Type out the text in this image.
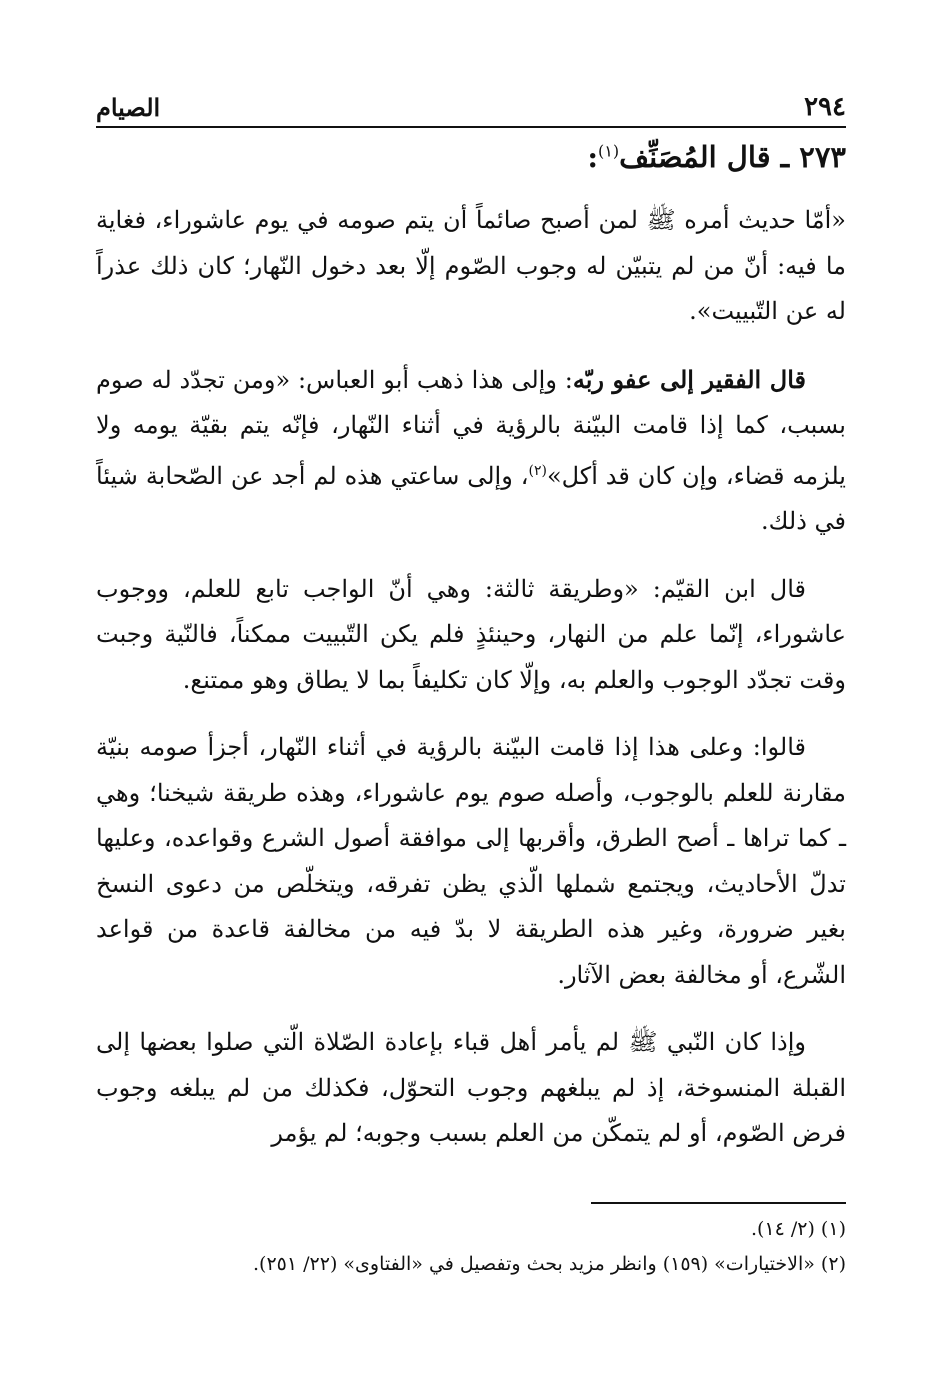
٢٩٤
الصيام
٢٧٣ ـ قال المُصَنِّف$^{(١)}$:

«أمّا حديث أمره ﷺ لمن أصبح صائماً أن يتم صومه في يوم عاشوراء، فغاية ما فيه: أنّ من لم يتبيّن له وجوب الصّوم إلّا بعد دخول النّهار؛ كان ذلك عذراً له عن التّبييت».

قال الفقير إلى عفو ربّه: وإلى هذا ذهب أبو العباس: «ومن تجدّد له صوم بسبب، كما إذا قامت البيّنة بالرؤية في أثناء النّهار، فإنّه يتم بقيّة يومه ولا يلزمه قضاء، وإن كان قد أكل»$^{(٢)}$، وإلى ساعتي هذه لم أجد عن الصّحابة شيئاً في ذلك.

قال ابن القيّم: «وطريقة ثالثة: وهي أنّ الواجب تابع للعلم، ووجوب عاشوراء، إنّما علم من النهار، وحينئذٍ فلم يكن التّبييت ممكناً، فالنّية وجبت وقت تجدّد الوجوب والعلم به، وإلّا كان تكليفاً بما لا يطاق وهو ممتنع.

قالوا: وعلى هذا إذا قامت البيّنة بالرؤية في أثناء النّهار، أجزأ صومه بنيّة مقارنة للعلم بالوجوب، وأصله صوم يوم عاشوراء، وهذه طريقة شيخنا؛ وهي ـ كما تراها ـ أصح الطرق، وأقربها إلى موافقة أصول الشرع وقواعده، وعليها تدلّ الأحاديث، ويجتمع شملها الّذي يظن تفرقه، ويتخلّص من دعوى النسخ بغير ضرورة، وغير هذه الطريقة لا بدّ فيه من مخالفة قاعدة من قواعد الشّرع، أو مخالفة بعض الآثار.

وإذا كان النّبي ﷺ لم يأمر أهل قباء بإعادة الصّلاة الّتي صلوا بعضها إلى القبلة المنسوخة، إذ لم يبلغهم وجوب التحوّل، فكذلك من لم يبلغه وجوب فرض الصّوم، أو لم يتمكّن من العلم بسبب وجوبه؛ لم يؤمر

(١) (٢/ ١٤).
(٢) «الاختيارات» (١٥٩) وانظر مزيد بحث وتفصيل في «الفتاوى» (٢٢/ ٢٥١).
